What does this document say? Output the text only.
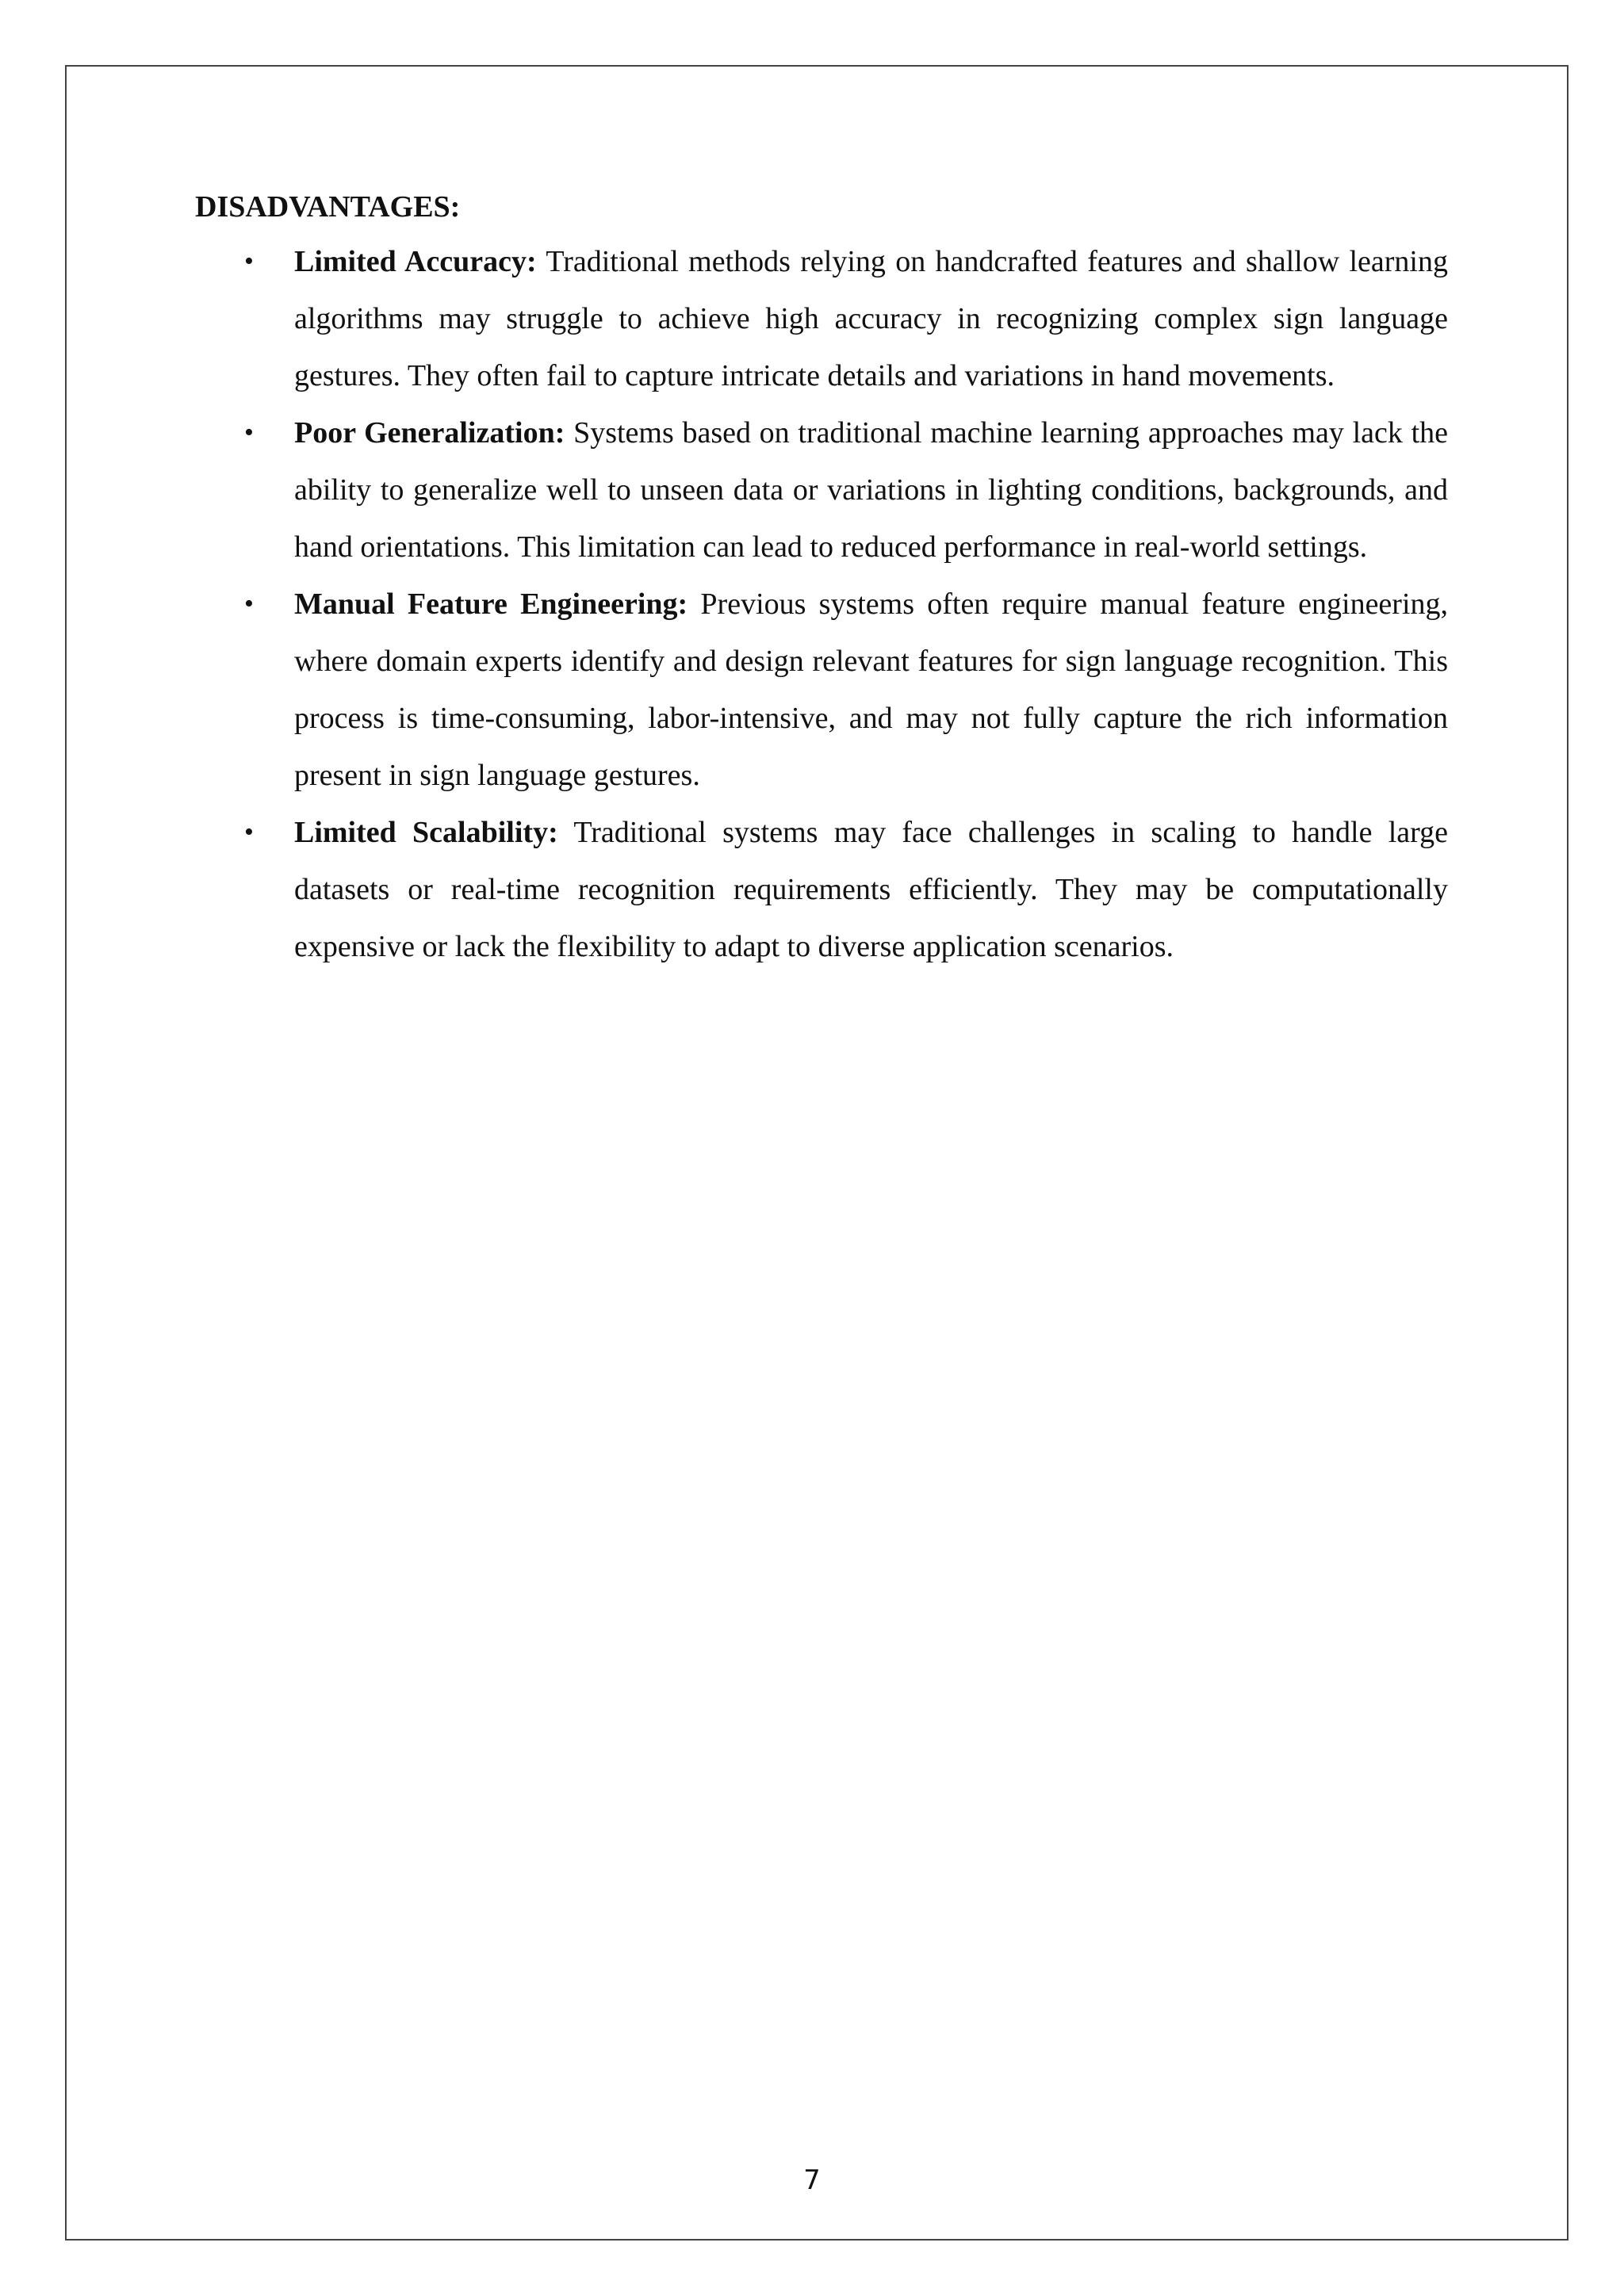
DISADVANTAGES:
• Limited Accuracy: Traditional methods relying on handcrafted features and shallow learning algorithms may struggle to achieve high accuracy in recognizing complex sign language gestures. They often fail to capture intricate details and variations in hand movements.
• Poor Generalization: Systems based on traditional machine learning approaches may lack the ability to generalize well to unseen data or variations in lighting conditions, backgrounds, and hand orientations. This limitation can lead to reduced performance in real-world settings.
• Manual Feature Engineering: Previous systems often require manual feature engineering, where domain experts identify and design relevant features for sign language recognition. This process is time-consuming, labor-intensive, and may not fully capture the rich information present in sign language gestures.
• Limited Scalability: Traditional systems may face challenges in scaling to handle large datasets or real-time recognition requirements efficiently. They may be computationally expensive or lack the flexibility to adapt to diverse application scenarios.
7
